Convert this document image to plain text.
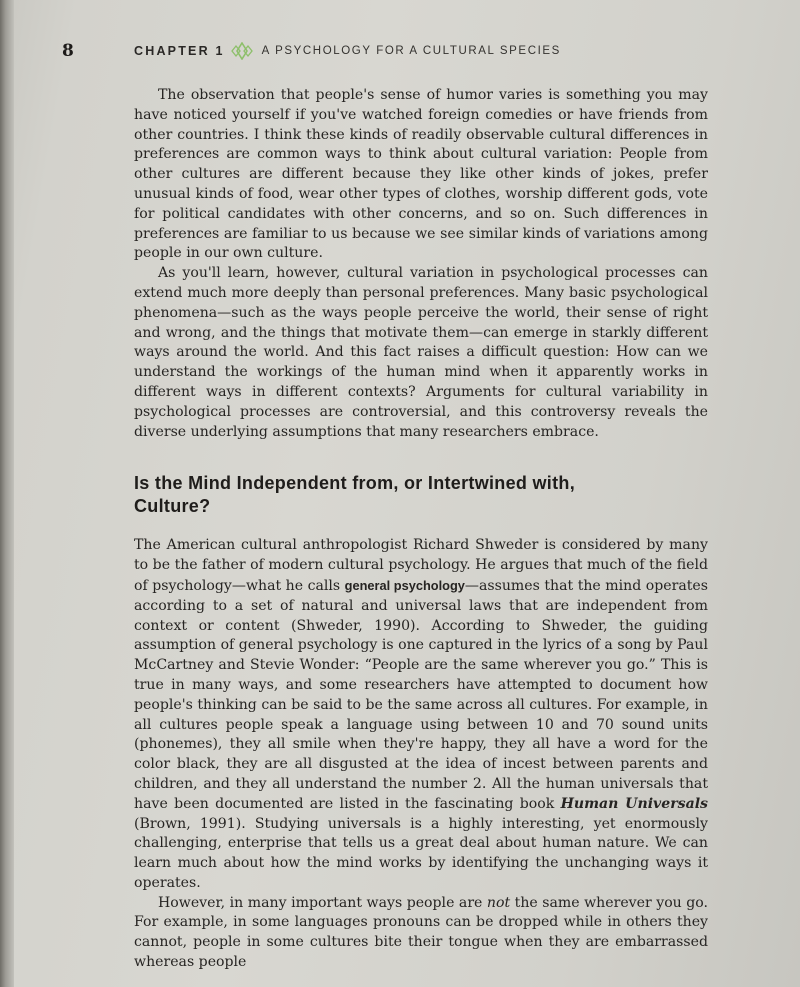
8	CHAPTER 1	A PSYCHOLOGY FOR A CULTURAL SPECIES

The observation that people's sense of humor varies is something you may have noticed yourself if you've watched foreign comedies or have friends from other countries. I think these kinds of readily observable cultural differences in preferences are common ways to think about cultural variation: People from other cultures are different because they like other kinds of jokes, prefer unusual kinds of food, wear other types of clothes, worship different gods, vote for political candidates with other concerns, and so on. Such differences in preferences are familiar to us because we see similar kinds of variations among people in our own culture.

As you'll learn, however, cultural variation in psychological processes can extend much more deeply than personal preferences. Many basic psychological phenomena—such as the ways people perceive the world, their sense of right and wrong, and the things that motivate them—can emerge in starkly different ways around the world. And this fact raises a difficult question: How can we understand the workings of the human mind when it apparently works in different ways in different contexts? Arguments for cultural variability in psychological processes are controversial, and this controversy reveals the diverse underlying assumptions that many researchers embrace.

Is the Mind Independent from, or Intertwined with, Culture?

The American cultural anthropologist Richard Shweder is considered by many to be the father of modern cultural psychology. He argues that much of the field of psychology—what he calls general psychology—assumes that the mind operates according to a set of natural and universal laws that are independent from context or content (Shweder, 1990). According to Shweder, the guiding assumption of general psychology is one captured in the lyrics of a song by Paul McCartney and Stevie Wonder: “People are the same wherever you go.” This is true in many ways, and some researchers have attempted to document how people's thinking can be said to be the same across all cultures. For example, in all cultures people speak a language using between 10 and 70 sound units (phonemes), they all smile when they're happy, they all have a word for the color black, they are all disgusted at the idea of incest between parents and children, and they all understand the number 2. All the human universals that have been documented are listed in the fascinating book Human Universals (Brown, 1991). Studying universals is a highly interesting, yet enormously challenging, enterprise that tells us a great deal about human nature. We can learn much about how the mind works by identifying the unchanging ways it operates.

However, in many important ways people are not the same wherever you go. For example, in some languages pronouns can be dropped while in others they cannot, people in some cultures bite their tongue when they are embarrassed whereas people
